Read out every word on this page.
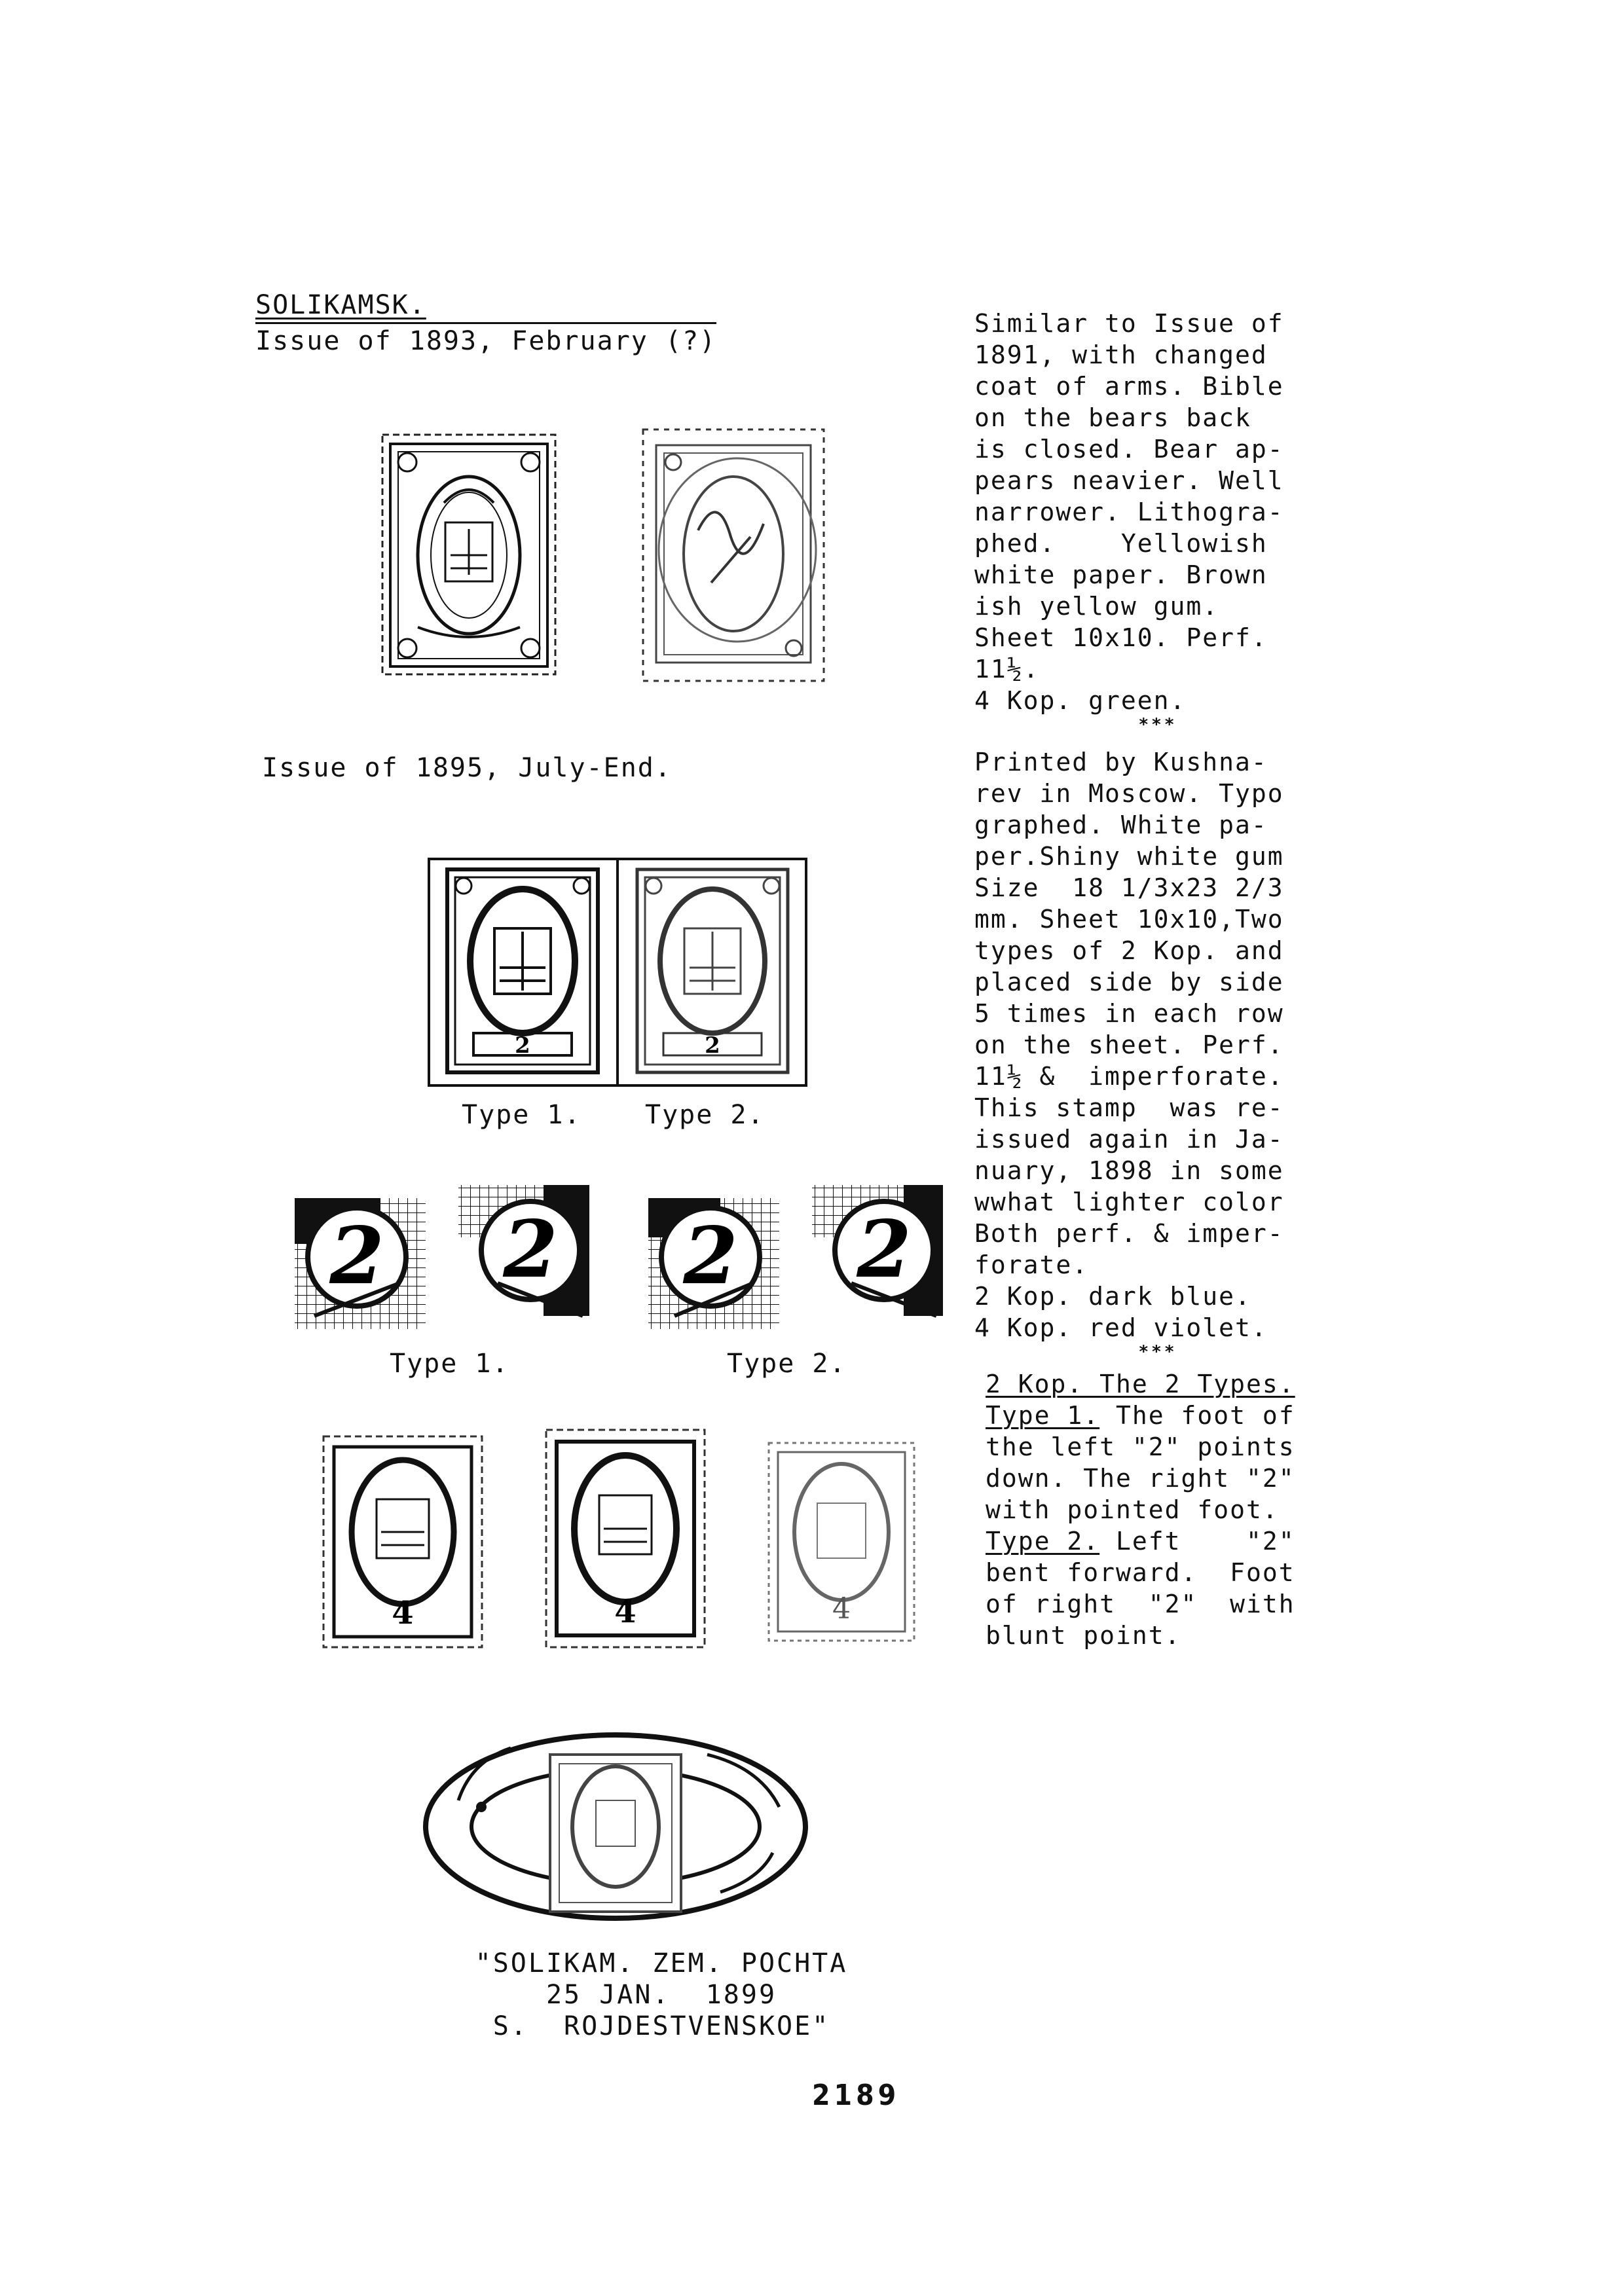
SOLIKAMSK.
Issue of 1893, February (?)
Issue of 1895, July-End.
2	2
Type 1. Type 2.
2 2 2 2
Type 1.	Type 2.
4	4	4
"SOLIKAM. ZEM. POCHTA
25 JAN.  1899
S.  ROJDESTVENSKOE"
2189

Similar to Issue of

1891, with changed

coat of arms. Bible

on the bears back

is closed. Bear ap-

pears neavier. Well

narrower. Lithogra-

phed.    Yellowish

white paper. Brown

ish yellow gum.

Sheet 10x10. Perf.

11½.

4 Kop. green.

***

Printed by Kushna-

rev in Moscow. Typo

graphed. White pa-

per.Shiny white gum

Size  18 1/3x23 2/3

mm. Sheet 10x10,Two

types of 2 Kop. and

placed side by side

5 times in each row

on the sheet. Perf.

11½ &  imperforate.

This stamp  was re-

issued again in Ja-

nuary, 1898 in some

wwhat lighter color

Both perf. & imper-

forate.

2 Kop. dark blue.

4 Kop. red violet.

***

2 Kop. The 2 Types.

Type 1. The foot of

the left "2" points

down. The right "2"

with pointed foot.

Type 2. Left    "2"

bent forward.  Foot

of right  "2"  with

blunt point.
